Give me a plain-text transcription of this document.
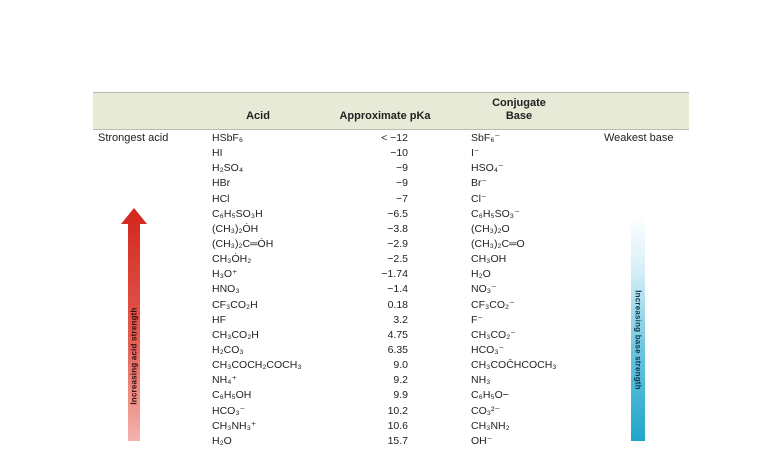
Acid	Approximate pKa
Conjugate
Base
Strongest acid	Weakest base
HSbF₆	< −12	SbF₆⁻
HI	−10	I⁻
H₂SO₄	−9	HSO₄⁻
HBr	−9	Br⁻
HCl	−7	Cl⁻
C₆H₅SO₃H	−6.5	C₆H₅SO₃⁻
(CH₃)₂ȮH	−3.8	(CH₃)₂O
(CH₃)₂C═ȮH	−2.9	(CH₃)₂C═O
CH₃ȮH₂	−2.5	CH₃OH
H₃O⁺	−1.74	H₂O
HNO₃	−1.4	NO₃⁻
CF₃CO₂H	0.18	CF₃CO₂⁻
HF	3.2	F⁻
CH₃CO₂H	4.75	CH₃CO₂⁻
H₂CO₃	6.35	HCO₃⁻
CH₃COCH₂COCH₃	9.0	CH₃COC̄HCOCH₃
NH₄⁺	9.2	NH₃
C₆H₅OH	9.9	C₆H₅O−
HCO₃⁻	10.2	CO₃²⁻
CH₃NH₃⁺	10.6	CH₃NH₂
H₂O	15.7	OH⁻
Increasing acid strength	Increasing base strength
